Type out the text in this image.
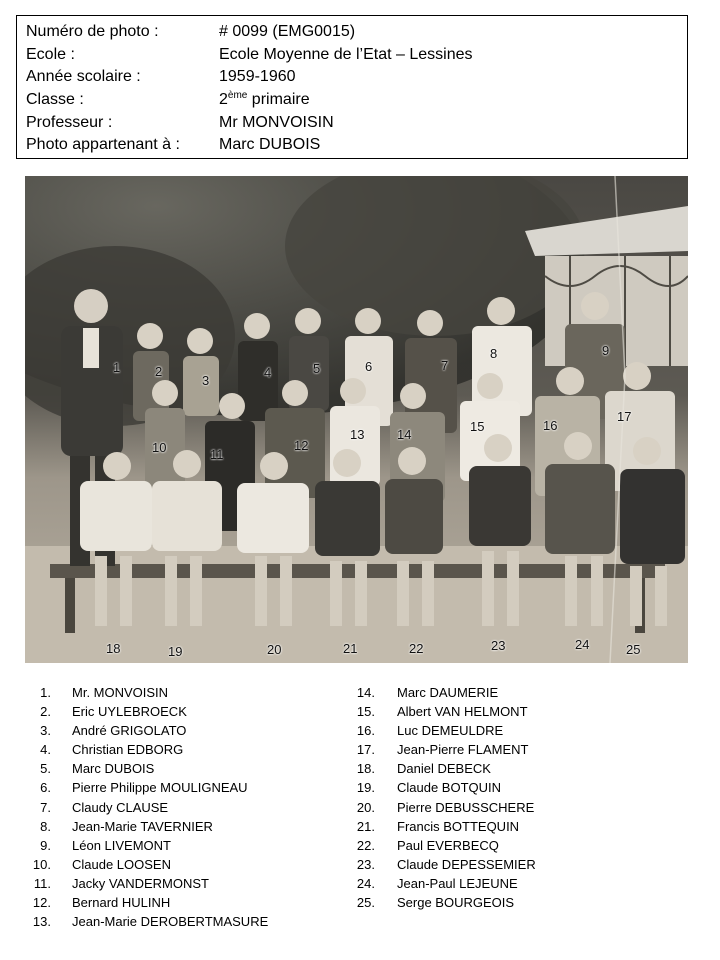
Numéro de photo :	# 0099 (EMG0015)
Ecole :	Ecole Moyenne de l’Etat – Lessines
Année scolaire :	1959-1960
Classe :	2ème primaire
Professeur :	Mr MONVOISIN
Photo appartenant à :	Marc DUBOIS
1	2
3
4	5	6	7
8	9
10	11
12
13	14
15	16
17
18	19	20	21	22	23	24	25
1.	Mr. MONVOISIN
2.	Eric UYLEBROECK
3.	André GRIGOLATO
4.	Christian EDBORG
5.	Marc DUBOIS
6.	Pierre Philippe MOULIGNEAU
7.	Claudy CLAUSE
8.	Jean-Marie TAVERNIER
9.	Léon LIVEMONT
10.	Claude LOOSEN
11.	Jacky VANDERMONST
12.	Bernard HULINH
13.	Jean-Marie DEROBERTMASURE
14.	Marc DAUMERIE
15.	Albert VAN HELMONT
16.	Luc DEMEULDRE
17.	Jean-Pierre FLAMENT
18.	Daniel DEBECK
19.	Claude BOTQUIN
20.	Pierre DEBUSSCHERE
21.	Francis BOTTEQUIN
22.	Paul EVERBECQ
23.	Claude DEPESSEMIER
24.	Jean-Paul LEJEUNE
25.	Serge BOURGEOIS
